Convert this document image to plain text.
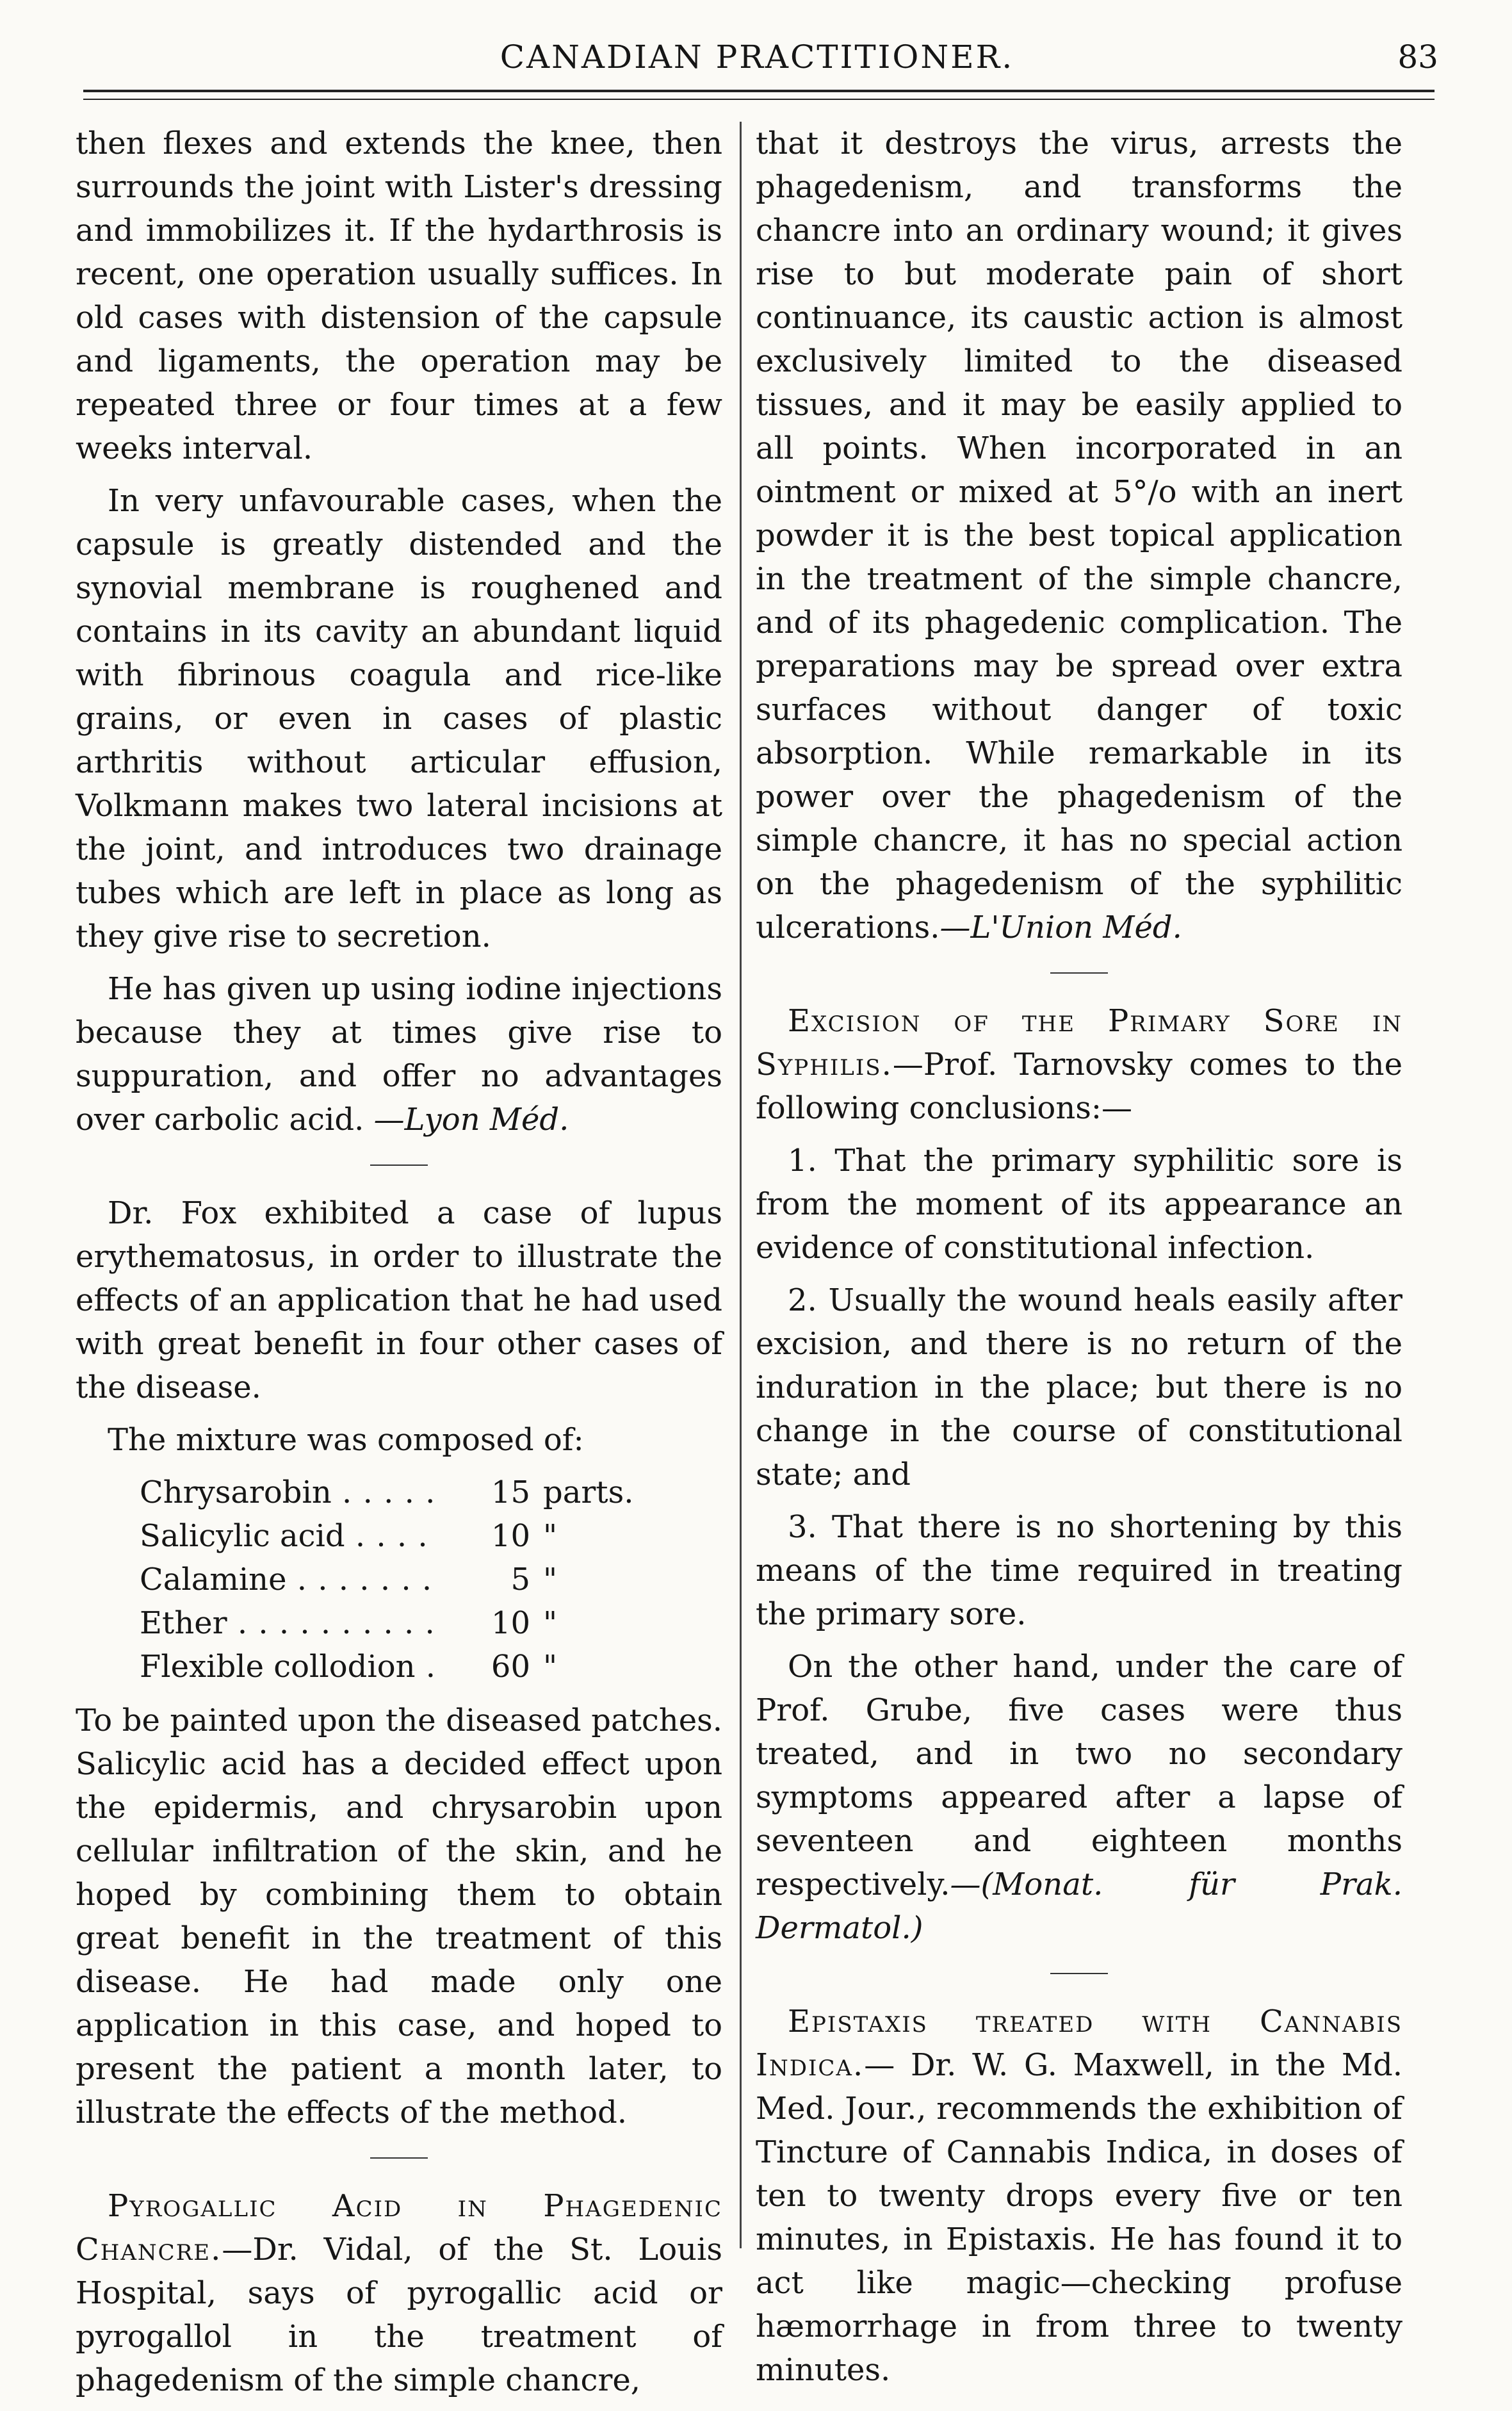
CANADIAN PRACTITIONER.	83

then flexes and extends the knee, then surrounds the joint with Lister's dressing and immobilizes it. If the hydarthrosis is recent, one operation usually suffices. In old cases with distension of the capsule and ligaments, the operation may be repeated three or four times at a few weeks interval.

In very unfavourable cases, when the capsule is greatly distended and the synovial membrane is roughened and contains in its cavity an abundant liquid with fibrinous coagula and rice-like grains, or even in cases of plastic arthritis without articular effusion, Volkmann makes two lateral incisions at the joint, and introduces two drainage tubes which are left in place as long as they give rise to secretion.

He has given up using iodine injections because they at times give rise to suppuration, and offer no advantages over carbolic acid. —Lyon Méd.

Dr. Fox exhibited a case of lupus erythematosus, in order to illustrate the effects of an application that he had used with great benefit in four other cases of the disease.

The mixture was composed of:

Chrysarobin . . .	15 parts.
Salicylic acid . . .	10 "
Calamine . . .	5 "
Ether . . .	10 "
Flexible collodion . . .	60 "

To be painted upon the diseased patches. Salicylic acid has a decided effect upon the epidermis, and chrysarobin upon cellular infiltration of the skin, and he hoped by combining them to obtain great benefit in the treatment of this disease. He had made only one application in this case, and hoped to present the patient a month later, to illustrate the effects of the method.

Pyrogallic Acid in Phagedenic Chancre.—Dr. Vidal, of the St. Louis Hospital, says of pyrogallic acid or pyrogallol in the treatment of phagedenism of the simple chancre,

that it destroys the virus, arrests the phagedenism, and transforms the chancre into an ordinary wound; it gives rise to but moderate pain of short continuance, its caustic action is almost exclusively limited to the diseased tissues, and it may be easily applied to all points. When incorporated in an ointment or mixed at 5°/o with an inert powder it is the best topical application in the treatment of the simple chancre, and of its phagedenic complication. The preparations may be spread over extra surfaces without danger of toxic absorption. While remarkable in its power over the phagedenism of the simple chancre, it has no special action on the phagedenism of the syphilitic ulcerations.—L'Union Méd.

Excision of the Primary Sore in Syphilis.—Prof. Tarnovsky comes to the following conclusions:—

1. That the primary syphilitic sore is from the moment of its appearance an evidence of constitutional infection.

2. Usually the wound heals easily after excision, and there is no return of the induration in the place; but there is no change in the course of constitutional state; and

3. That there is no shortening by this means of the time required in treating the primary sore.

On the other hand, under the care of Prof. Grube, five cases were thus treated, and in two no secondary symptoms appeared after a lapse of seventeen and eighteen months respectively.—(Monat. für Prak. Dermatol.)

Epistaxis treated with Cannabis Indica.— Dr. W. G. Maxwell, in the Md. Med. Jour., recommends the exhibition of Tincture of Cannabis Indica, in doses of ten to twenty drops every five or ten minutes, in Epistaxis. He has found it to act like magic—checking profuse hæmorrhage in from three to twenty minutes.
